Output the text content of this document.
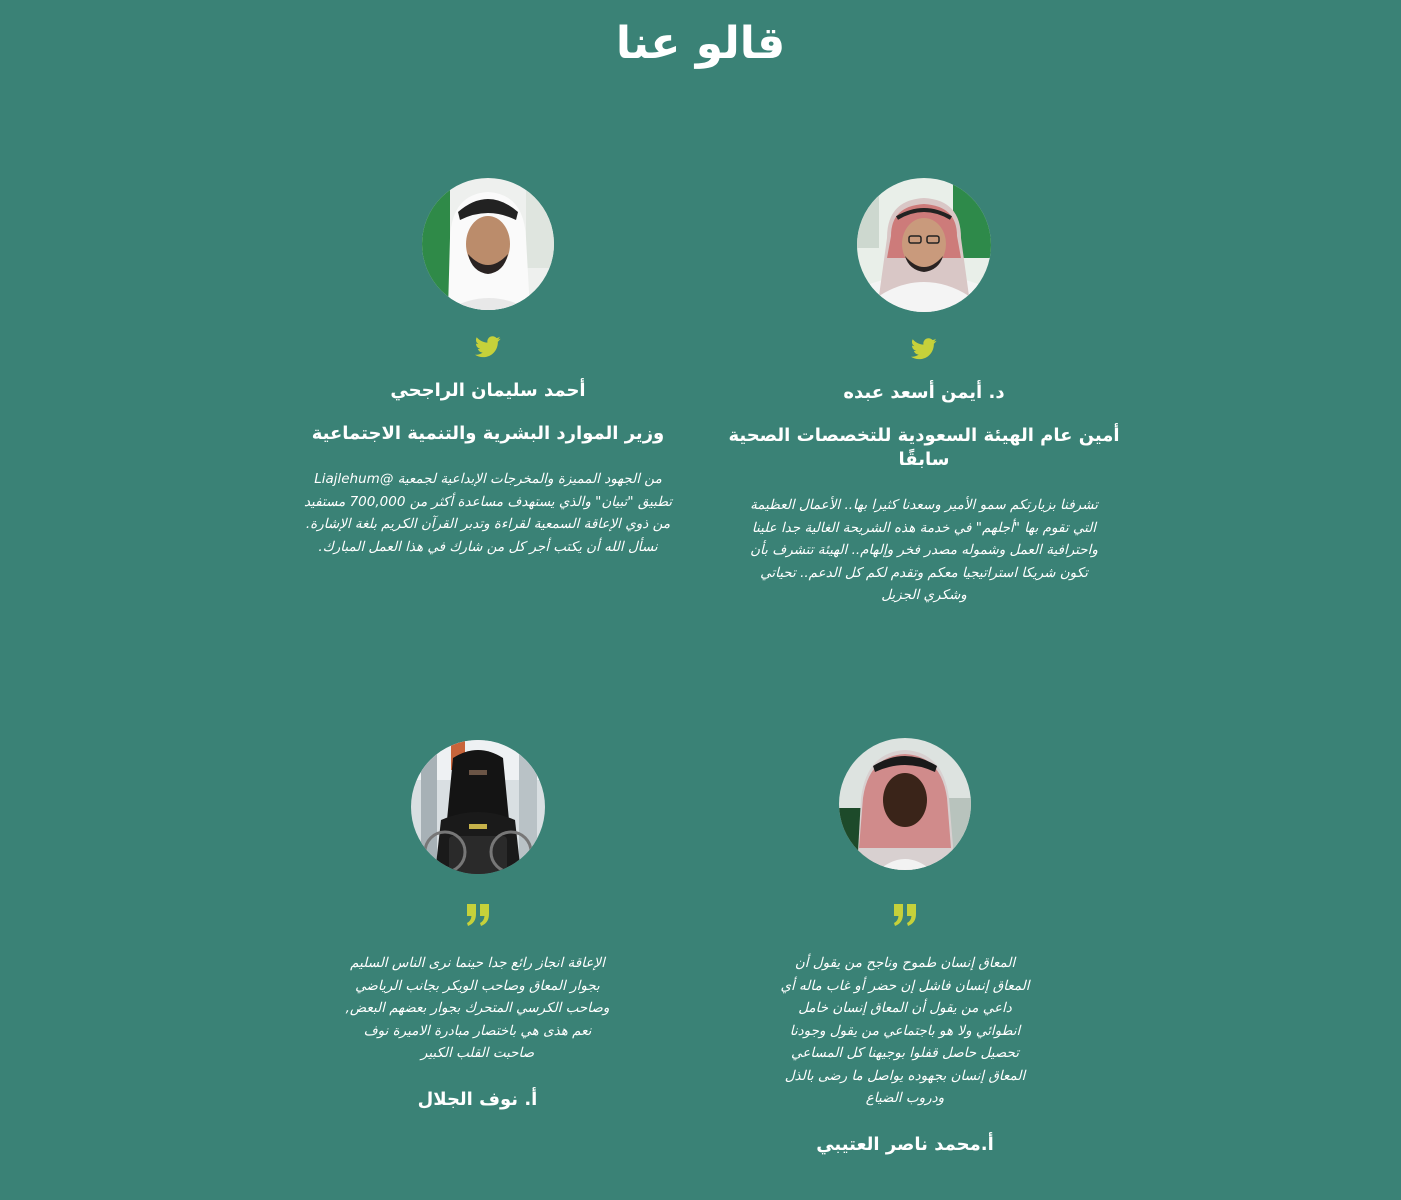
قالو عنا

د. أيمن أسعد عبده

أمين عام الهيئة السعودية للتخصصات الصحية سابقًا

تشرفنا بزيارتكم سمو الأمير وسعدنا كثيرا بها.. الأعمال العظيمة
التي تقوم بها "أجلهم" في خدمة هذه الشريحة الغالية جدا علينا
واحترافية العمل وشموله مصدر فخر وإلهام.. الهيئة تتشرف بأن
تكون شريكا استراتيجيا معكم وتقدم لكم كل الدعم.. تحياتي
وشكري الجزيل

أحمد سليمان الراجحي

وزير الموارد البشرية والتنمية الاجتماعية

من الجهود المميزة والمخرجات الإبداعية لجمعية @Liajlehum
تطبيق "تبيان" والذي يستهدف مساعدة أكثر من 700,000 مستفيد
من ذوي الإعاقة السمعية لقراءة وتدبر القرآن الكريم بلغة الإشارة.
نسأل الله أن يكتب أجر كل من شارك في هذا العمل المبارك.
المعاق إنسان طموح وناجح من يقول أن
المعاق إنسان فاشل إن حضر أو غاب ماله أي
داعي من يقول أن المعاق إنسان خامل
انطوائي ولا هو باجتماعي من يقول وجودنا
تحصيل حاصل قفلوا بوجيهنا كل المساعي
المعاق إنسان بجهوده يواصل ما رضى بالذل
ودروب الضياع

أ.محمد ناصر العتيبي

الإعاقة انجاز رائع جدا حينما نرى الناس السليم
بجوار المعاق وصاحب الويكر بجانب الرياضي
وصاحب الكرسي المتحرك بجوار بعضهم البعض,
نعم هذى هي باختصار مبادرة الاميرة نوف
صاحبت القلب الكبير

أ. نوف الجلال
